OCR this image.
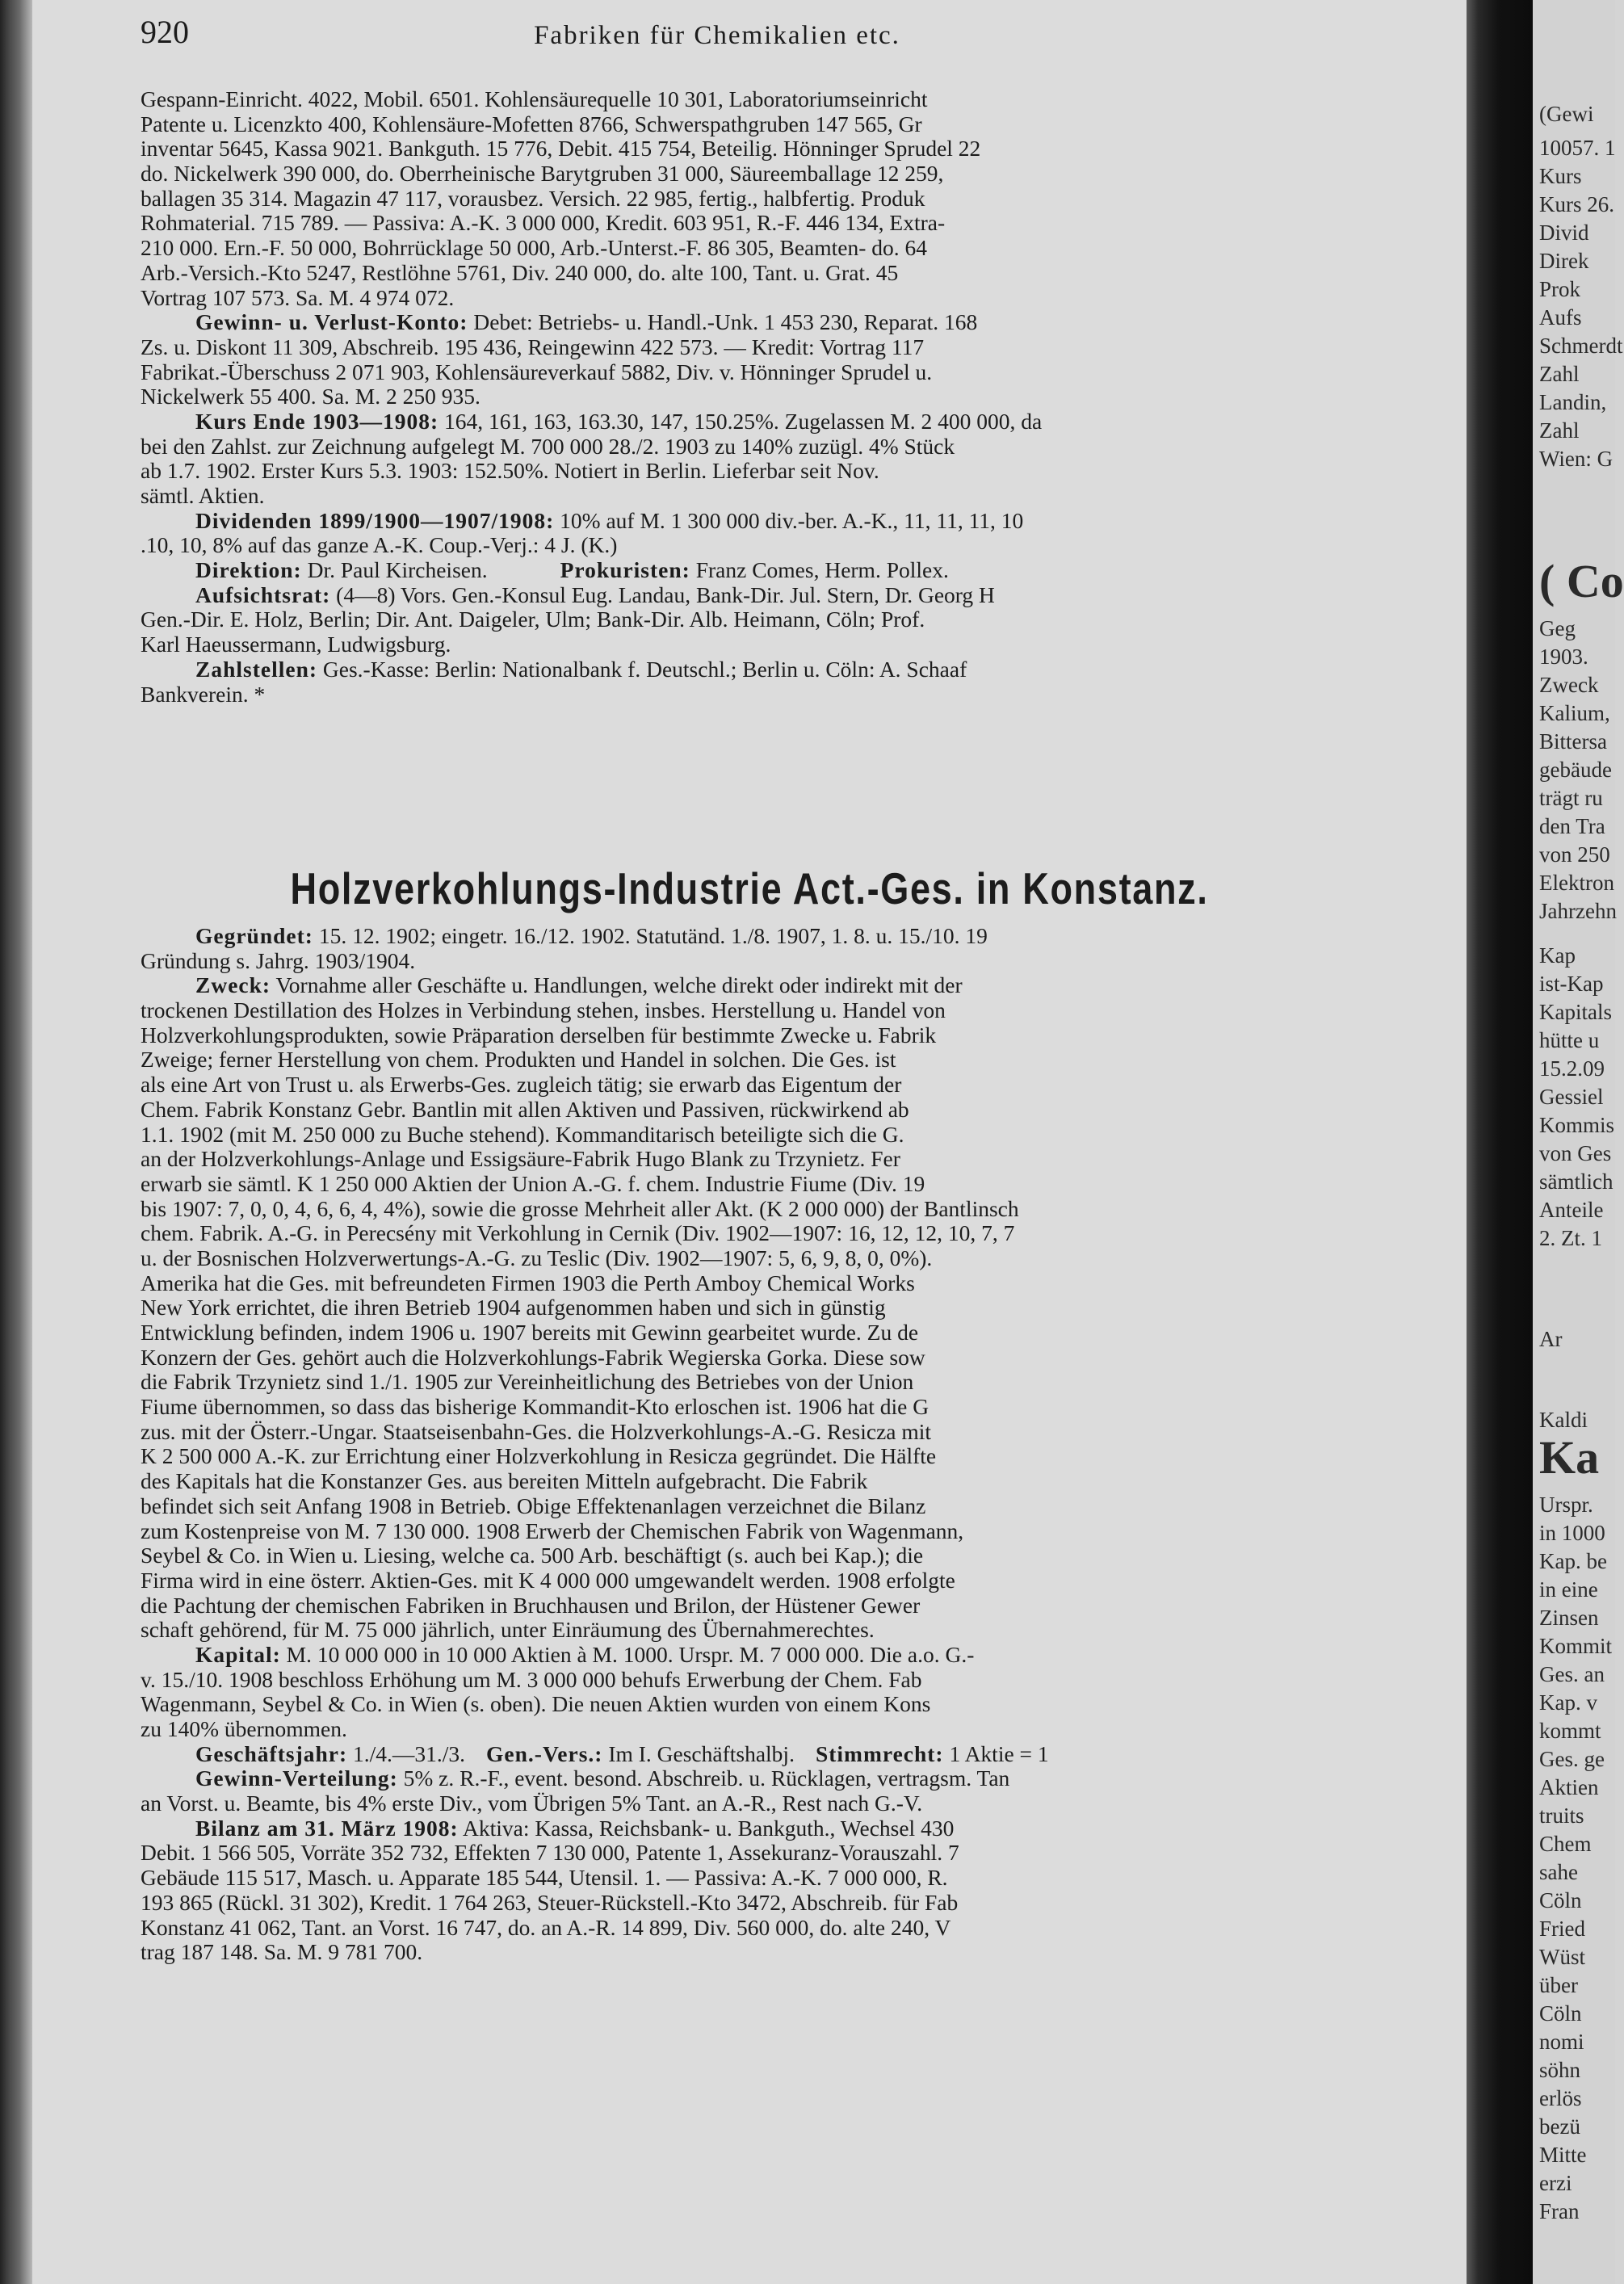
(Gewi
10057. 1
Kurs
Kurs 26.
Divid
Direk
Prok
Aufs
Schmerdt
Zahl
Landin,
Zahl
Wien: G
( Co
Geg
1903.
Zweck
Kalium,
Bittersa
gebäude
trägt ru
den Tra
von 250
Elektron
Jahrzehn
Kap
ist-Kap
Kapitals
hütte u
15.2.09
Gessiel
Kommis
von Ges
sämtlich
Anteile
2. Zt. 1
Ar
Kaldi
Ka
Urspr.
in 1000
Kap. be
in eine
Zinsen
Kommit
Ges. an
Kap. v
kommt
Ges. ge
Aktien
truits
Chem
sahe
Cöln
Fried
Wüst
über
Cöln
nomi
söhn
erlös
bezü
Mitte
erzi
Fran
920	Fabriken für Chemikalien etc.
Gespann-Einricht. 4022, Mobil. 6501. Kohlensäurequelle 10 301, Laboratoriumseinricht
Patente u. Licenzkto 400, Kohlensäure-Mofetten 8766, Schwerspathgruben 147 565, Gr
inventar 5645, Kassa 9021. Bankguth. 15 776, Debit. 415 754, Beteilig. Hönninger Sprudel 22
do. Nickelwerk 390 000, do. Oberrheinische Barytgruben 31 000, Säureemballage 12 259,
ballagen 35 314. Magazin 47 117, vorausbez. Versich. 22 985, fertig., halbfertig. Produk
Rohmaterial. 715 789. — Passiva: A.-K. 3 000 000, Kredit. 603 951, R.-F. 446 134, Extra-
210 000. Ern.-F. 50 000, Bohrrücklage 50 000, Arb.-Unterst.-F. 86 305, Beamten- do. 64
Arb.-Versich.-Kto 5247, Restlöhne 5761, Div. 240 000, do. alte 100, Tant. u. Grat. 45
Vortrag 107 573. Sa. M. 4 974 072.
Gewinn- u. Verlust-Konto: Debet: Betriebs- u. Handl.-Unk. 1 453 230, Reparat. 168
Zs. u. Diskont 11 309, Abschreib. 195 436, Reingewinn 422 573. — Kredit: Vortrag 117
Fabrikat.-Überschuss 2 071 903, Kohlensäureverkauf 5882, Div. v. Hönninger Sprudel u.
Nickelwerk 55 400. Sa. M. 2 250 935.
Kurs Ende 1903—1908: 164, 161, 163, 163.30, 147, 150.25%. Zugelassen M. 2 400 000, da
bei den Zahlst. zur Zeichnung aufgelegt M. 700 000 28./2. 1903 zu 140% zuzügl. 4% Stück
ab 1.7. 1902. Erster Kurs 5.3. 1903: 152.50%. Notiert in Berlin. Lieferbar seit Nov.
sämtl. Aktien.
Dividenden 1899/1900—1907/1908: 10% auf M. 1 300 000 div.-ber. A.-K., 11, 11, 11, 10
.10, 10, 8% auf das ganze A.-K. Coup.-Verj.: 4 J. (K.)
Direktion: Dr. Paul Kircheisen.	Prokuristen: Franz Comes, Herm. Pollex.
Aufsichtsrat: (4—8) Vors. Gen.-Konsul Eug. Landau, Bank-Dir. Jul. Stern, Dr. Georg H
Gen.-Dir. E. Holz, Berlin; Dir. Ant. Daigeler, Ulm; Bank-Dir. Alb. Heimann, Cöln; Prof.
Karl Haeussermann, Ludwigsburg.
Zahlstellen: Ges.-Kasse: Berlin: Nationalbank f. Deutschl.; Berlin u. Cöln: A. Schaaf
Bankverein. *
Holzverkohlungs-Industrie Act.-Ges. in Konstanz.
Gegründet: 15. 12. 1902; eingetr. 16./12. 1902. Statutänd. 1./8. 1907, 1. 8. u. 15./10. 19
Gründung s. Jahrg. 1903/1904.
Zweck: Vornahme aller Geschäfte u. Handlungen, welche direkt oder indirekt mit der
trockenen Destillation des Holzes in Verbindung stehen, insbes. Herstellung u. Handel von
Holzverkohlungsprodukten, sowie Präparation derselben für bestimmte Zwecke u. Fabrik
Zweige; ferner Herstellung von chem. Produkten und Handel in solchen. Die Ges. ist
als eine Art von Trust u. als Erwerbs-Ges. zugleich tätig; sie erwarb das Eigentum der
Chem. Fabrik Konstanz Gebr. Bantlin mit allen Aktiven und Passiven, rückwirkend ab
1.1. 1902 (mit M. 250 000 zu Buche stehend). Kommanditarisch beteiligte sich die G.
an der Holzverkohlungs-Anlage und Essigsäure-Fabrik Hugo Blank zu Trzynietz. Fer
erwarb sie sämtl. K 1 250 000 Aktien der Union A.-G. f. chem. Industrie Fiume (Div. 19
bis 1907: 7, 0, 0, 4, 6, 6, 4, 4%), sowie die grosse Mehrheit aller Akt. (K 2 000 000) der Bantlinsch
chem. Fabrik. A.-G. in Perecsény mit Verkohlung in Cernik (Div. 1902—1907: 16, 12, 12, 10, 7, 7
u. der Bosnischen Holzverwertungs-A.-G. zu Teslic (Div. 1902—1907: 5, 6, 9, 8, 0, 0%).
Amerika hat die Ges. mit befreundeten Firmen 1903 die Perth Amboy Chemical Works
New York errichtet, die ihren Betrieb 1904 aufgenommen haben und sich in günstig
Entwicklung befinden, indem 1906 u. 1907 bereits mit Gewinn gearbeitet wurde. Zu de
Konzern der Ges. gehört auch die Holzverkohlungs-Fabrik Wegierska Gorka. Diese sow
die Fabrik Trzynietz sind 1./1. 1905 zur Vereinheitlichung des Betriebes von der Union
Fiume übernommen, so dass das bisherige Kommandit-Kto erloschen ist. 1906 hat die G
zus. mit der Österr.-Ungar. Staatseisenbahn-Ges. die Holzverkohlungs-A.-G. Resicza mit
K 2 500 000 A.-K. zur Errichtung einer Holzverkohlung in Resicza gegründet. Die Hälfte
des Kapitals hat die Konstanzer Ges. aus bereiten Mitteln aufgebracht. Die Fabrik
befindet sich seit Anfang 1908 in Betrieb. Obige Effektenanlagen verzeichnet die Bilanz
zum Kostenpreise von M. 7 130 000. 1908 Erwerb der Chemischen Fabrik von Wagenmann,
Seybel & Co. in Wien u. Liesing, welche ca. 500 Arb. beschäftigt (s. auch bei Kap.); die
Firma wird in eine österr. Aktien-Ges. mit K 4 000 000 umgewandelt werden. 1908 erfolgte
die Pachtung der chemischen Fabriken in Bruchhausen und Brilon, der Hüstener Gewer
schaft gehörend, für M. 75 000 jährlich, unter Einräumung des Übernahmerechtes.
Kapital: M. 10 000 000 in 10 000 Aktien à M. 1000. Urspr. M. 7 000 000. Die a.o. G.-
v. 15./10. 1908 beschloss Erhöhung um M. 3 000 000 behufs Erwerbung der Chem. Fab
Wagenmann, Seybel & Co. in Wien (s. oben). Die neuen Aktien wurden von einem Kons
zu 140% übernommen.
Geschäftsjahr: 1./4.—31./3. Gen.-Vers.: Im I. Geschäftshalbj. Stimmrecht: 1 Aktie = 1
Gewinn-Verteilung: 5% z. R.-F., event. besond. Abschreib. u. Rücklagen, vertragsm. Tan
an Vorst. u. Beamte, bis 4% erste Div., vom Übrigen 5% Tant. an A.-R., Rest nach G.-V.
Bilanz am 31. März 1908: Aktiva: Kassa, Reichsbank- u. Bankguth., Wechsel 430
Debit. 1 566 505, Vorräte 352 732, Effekten 7 130 000, Patente 1, Assekuranz-Vorauszahl. 7
Gebäude 115 517, Masch. u. Apparate 185 544, Utensil. 1. — Passiva: A.-K. 7 000 000, R.
193 865 (Rückl. 31 302), Kredit. 1 764 263, Steuer-Rückstell.-Kto 3472, Abschreib. für Fab
Konstanz 41 062, Tant. an Vorst. 16 747, do. an A.-R. 14 899, Div. 560 000, do. alte 240, V
trag 187 148. Sa. M. 9 781 700.
